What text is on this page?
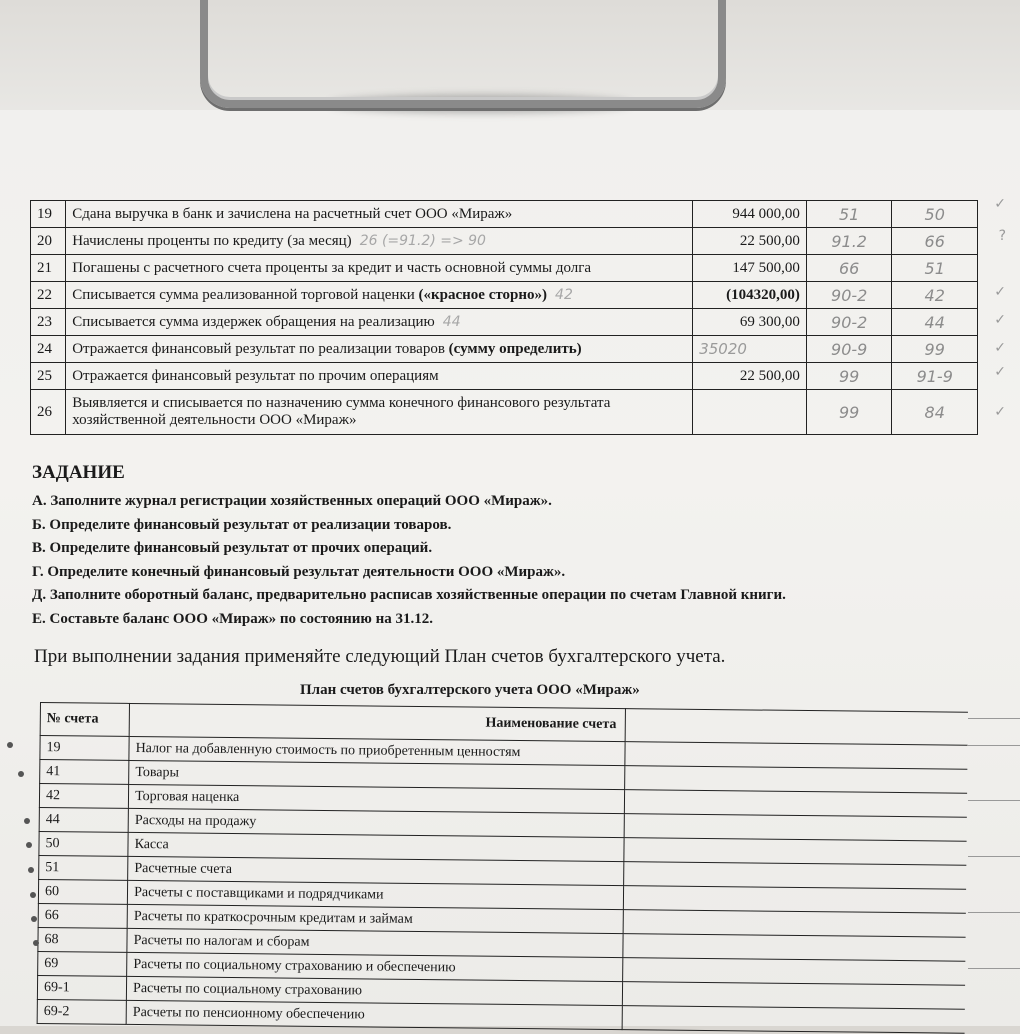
19	Сдана выручка в банк и зачислена на расчетный счет ООО «Мираж»	944 000,00	51	50
20	Начислены проценты по кредиту (за месяц) 26 (=91.2) => 90	22 500,00	91.2	66
21	Погашены с расчетного счета проценты за кредит и часть основной суммы долга	147 500,00	66	51
22	Списывается сумма реализованной торговой наценки («красное сторно») 42	(104320,00)	90-2	42
23	Списывается сумма издержек обращения на реализацию 44	69 300,00	90-2	44
24	Отражается финансовый результат по реализации товаров (сумму определить)	35020	90-9	99
25	Отражается финансовый результат по прочим операциям	22 500,00	99	91-9
26	Выявляется и списывается по назначению сумма конечного финансового результата хозяйственной деятельности ООО «Мираж»		99	84
ЗАДАНИЕ
А. Заполните журнал регистрации хозяйственных операций ООО «Мираж».
Б. Определите финансовый результат от реализации товаров.
В. Определите финансовый результат от прочих операций.
Г. Определите конечный финансовый результат деятельности ООО «Мираж».
Д. Заполните оборотный баланс, предварительно расписав хозяйственные операции по счетам Главной книги.
Е. Составьте баланс ООО «Мираж» по состоянию на 31.12.
При выполнении задания применяйте следующий План счетов бухгалтерского учета.
План счетов бухгалтерского учета ООО «Мираж»
№ счета	Наименование счета	
19	Налог на добавленную стоимость по приобретенным ценностям	
41	Товары	
42	Торговая наценка	
44	Расходы на продажу	
50	Касса	
51	Расчетные счета	
60	Расчеты с поставщиками и подрядчиками	
66	Расчеты по краткосрочным кредитам и займам	
68	Расчеты по налогам и сборам	
69	Расчеты по социальному страхованию и обеспечению	
69-1	Расчеты по социальному страхованию	
69-2	Расчеты по пенсионному обеспечению	
✓
?
✓
✓
✓
✓
✓
